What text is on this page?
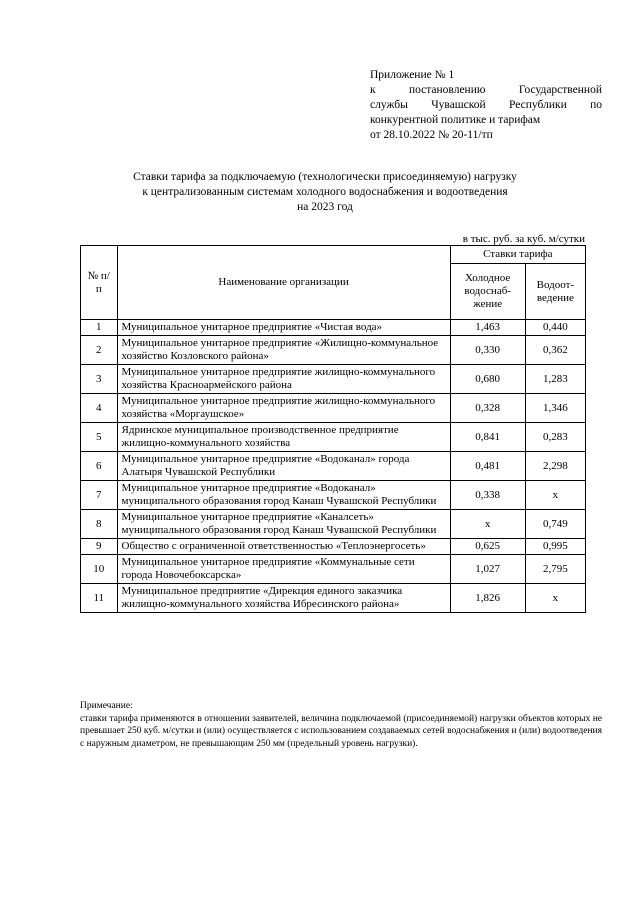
Приложение № 1
к	постановлению	Государственной
службы Чувашской Республики по
конкурентной политике и тарифам
от 28.10.2022 № 20-11/тп
Ставки тарифа за подключаемую (технологически присоединяемую) нагрузку
к централизованным системам холодного водоснабжения и водоотведения
на 2023 год
в тыс. руб. за куб. м/сутки
№ п/п	Наименование организации	Ставки тарифа	
		Холодное водоснаб-жение	Водоот-ведение
1	Муниципальное унитарное предприятие «Чистая вода»	1,463	0,440
2	Муниципальное унитарное предприятие «Жилищно-коммунальное хозяйство Козловского района»	0,330	0,362
3	Муниципальное унитарное предприятие жилищно-коммунального хозяйства Красноармейского района	0,680	1,283
4	Муниципальное унитарное предприятие жилищно-коммунального хозяйства «Моргаушское»	0,328	1,346
5	Ядринское муниципальное производственное предприятие жилищно-коммунального хозяйства	0,841	0,283
6	Муниципальное унитарное предприятие «Водоканал» города Алатыря Чувашской Республики	0,481	2,298
7	Муниципальное унитарное предприятие «Водоканал» муниципального образования город Канаш Чувашской Республики	0,338	х
8	Муниципальное унитарное предприятие «Каналсеть» муниципального образования город Канаш Чувашской Республики	х	0,749
9	Общество с ограниченной ответственностью «Теплоэнергосеть»	0,625	0,995
10	Муниципальное унитарное предприятие «Коммунальные сети города Новочебоксарска»	1,027	2,795
11	Муниципальное предприятие «Дирекция единого заказчика жилищно-коммунального хозяйства Ибресинского района»	1,826	х
Примечание:
ставки тарифа применяются в отношении заявителей, величина подключаемой (присоединяемой) нагрузки объектов которых не превышает 250 куб. м/сутки и (или) осуществляется с использованием создаваемых сетей водоснабжения и (или) водоотведения с наружным диаметром, не превышающим 250 мм (предельный уровень нагрузки).
